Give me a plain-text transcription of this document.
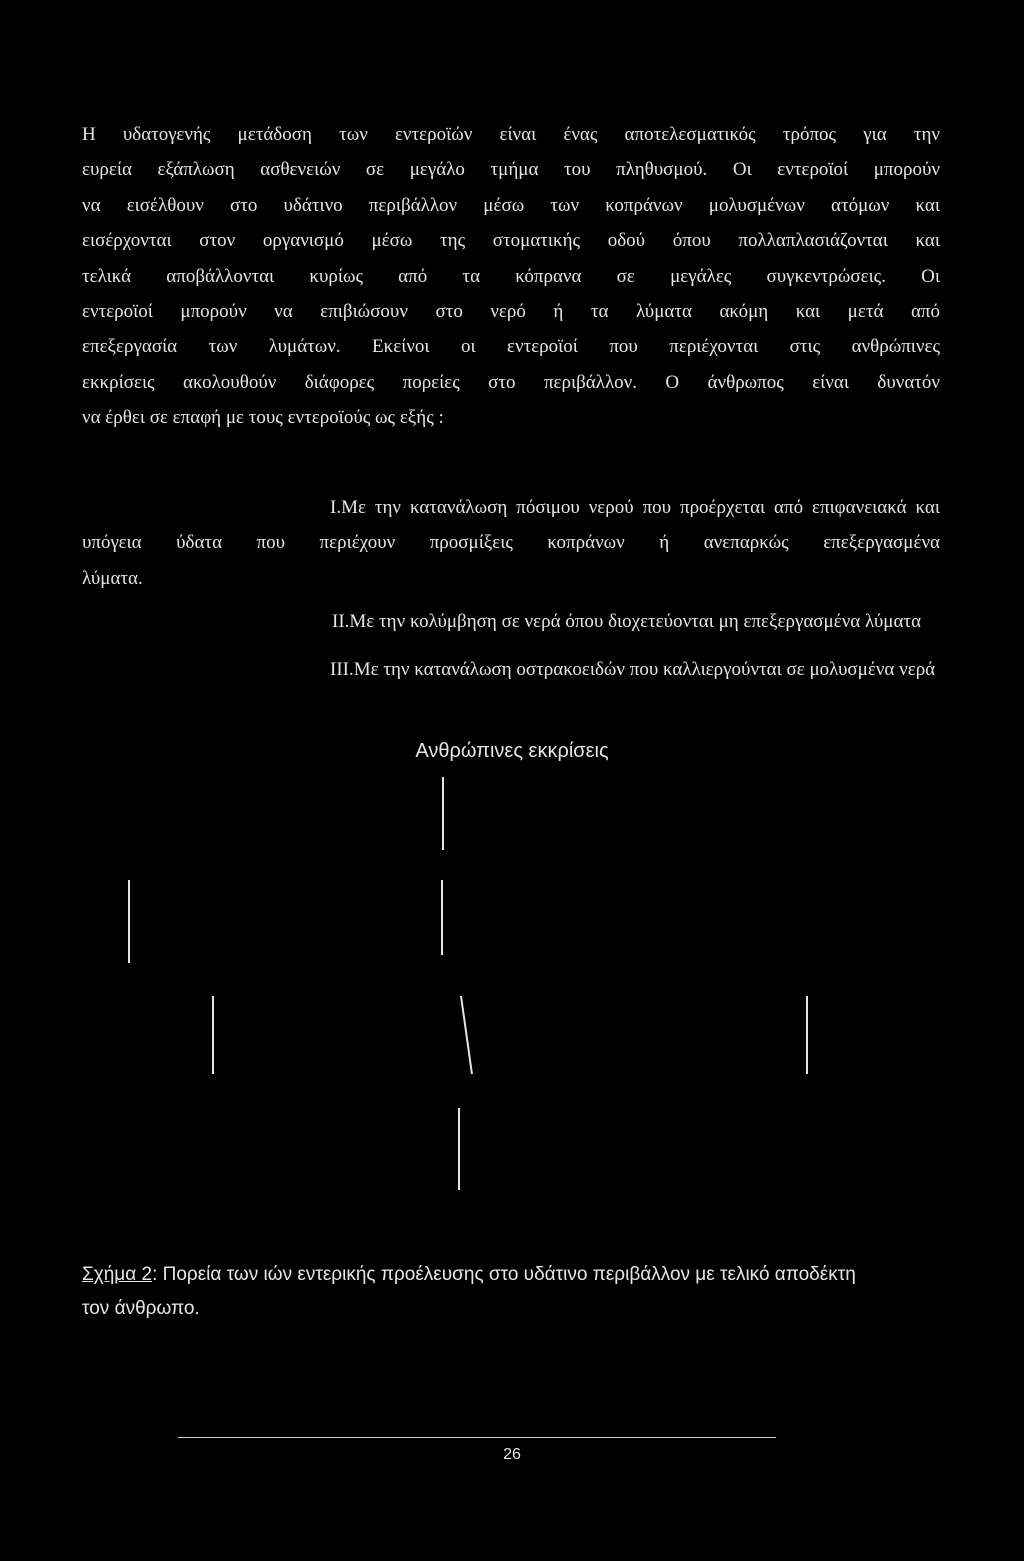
Η υδατογενής μετάδοση των εντεροϊών είναι ένας αποτελεσματικός τρόπος για την
ευρεία εξάπλωση ασθενειών σε μεγάλο τμήμα του πληθυσμού. Οι εντεροϊοί μπορούν
να εισέλθουν στο υδάτινο περιβάλλον μέσω των κοπράνων μολυσμένων ατόμων και
εισέρχονται στον οργανισμό μέσω της στοματικής οδού όπου πολλαπλασιάζονται και
τελικά αποβάλλονται κυρίως από τα κόπρανα σε μεγάλες συγκεντρώσεις. Οι
εντεροϊοί μπορούν να επιβιώσουν στο νερό ή τα λύματα ακόμη και μετά από
επεξεργασία των λυμάτων. Εκείνοι οι εντεροϊοί που περιέχονται στις ανθρώπινες
εκκρίσεις ακολουθούν διάφορες πορείες στο περιβάλλον. Ο άνθρωπος είναι δυνατόν
να έρθει σε επαφή με τους εντεροϊούς ως εξής :
I.Με την κατανάλωση πόσιμου νερού που προέρχεται από επιφανειακά και
υπόγεια ύδατα που περιέχουν προσμίξεις κοπράνων ή ανεπαρκώς επεξεργασμένα
λύματα.
II.Με την κολύμβηση σε νερά όπου διοχετεύονται μη επεξεργασμένα λύματα
III.Με την κατανάλωση οστρακοειδών που καλλιεργούνται σε μολυσμένα νερά
Ανθρώπινες εκκρίσεις
Σχήμα 2: Πορεία των ιών εντερικής προέλευσης στο υδάτινο περιβάλλον με τελικό αποδέκτη τον άνθρωπο.
26
